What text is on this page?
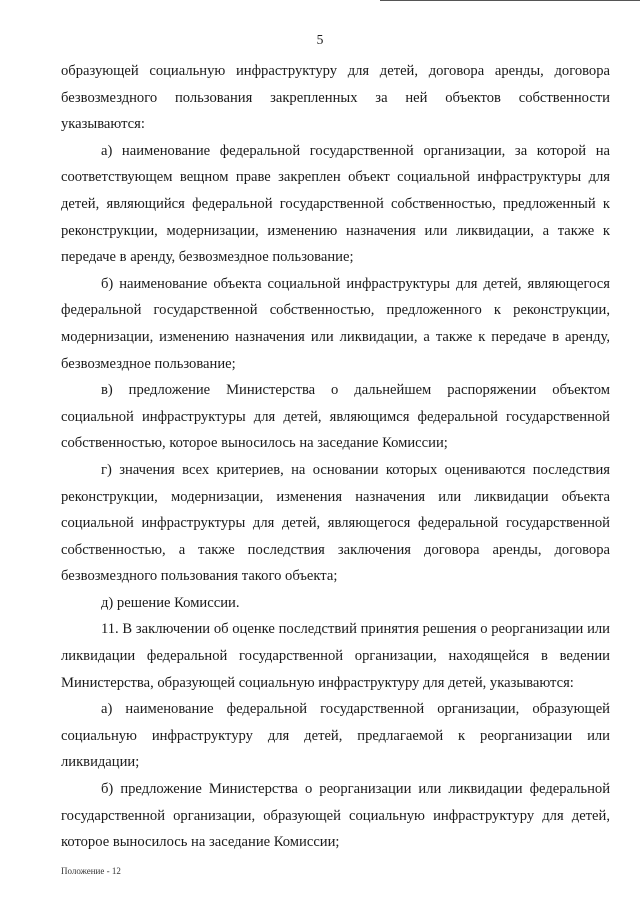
5

образующей социальную инфраструктуру для детей, договора аренды, договора безвозмездного пользования закрепленных за ней объектов собственности указываются:

а) наименование федеральной государственной организации, за которой на соответствующем вещном праве закреплен объект социальной инфраструктуры для детей, являющийся федеральной государственной собственностью, предложенный к реконструкции, модернизации, изменению назначения или ликвидации, а также к передаче в аренду, безвозмездное пользование;

б) наименование объекта социальной инфраструктуры для детей, являющегося федеральной государственной собственностью, предложенного к реконструкции, модернизации, изменению назначения или ликвидации, а также к передаче в аренду, безвозмездное пользование;

в) предложение Министерства о дальнейшем распоряжении объектом социальной инфраструктуры для детей, являющимся федеральной государственной собственностью, которое выносилось на заседание Комиссии;

г) значения всех критериев, на основании которых оцениваются последствия реконструкции, модернизации, изменения назначения или ликвидации объекта социальной инфраструктуры для детей, являющегося федеральной государственной собственностью, а также последствия заключения договора аренды, договора безвозмездного пользования такого объекта;

д) решение Комиссии.

11. В заключении об оценке последствий принятия решения о реорганизации или ликвидации федеральной государственной организации, находящейся в ведении Министерства, образующей социальную инфраструктуру для детей, указываются:

а) наименование федеральной государственной организации, образующей социальную инфраструктуру для детей, предлагаемой к реорганизации или ликвидации;

б) предложение Министерства о реорганизации или ликвидации федеральной государственной организации, образующей социальную инфраструктуру для детей, которое выносилось на заседание Комиссии;

Положение - 12
